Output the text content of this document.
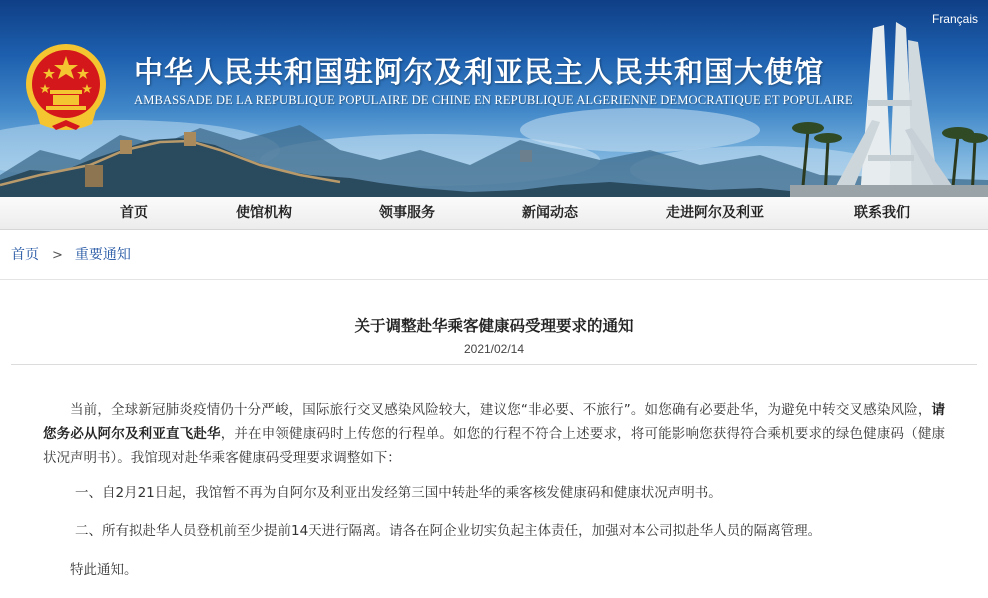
Français
中华人民共和国驻阿尔及利亚民主人民共和国大使馆
AMBASSADE DE LA REPUBLIQUE POPULAIRE DE CHINE EN REPUBLIQUE ALGERIENNE DEMOCRATIQUE ET POPULAIRE
首页	使馆机构	领事服务	新闻动态	走进阿尔及利亚	联系我们
首页 > 重要通知
关于调整赴华乘客健康码受理要求的通知
2021/02/14

当前，全球新冠肺炎疫情仍十分严峻，国际旅行交叉感染风险较大，建议您“非必要、不旅行”。如您确有必要赴华，为避免中转交叉感染风险，请您务必从阿尔及利亚直飞赴华，并在申领健康码时上传您的行程单。如您的行程不符合上述要求，将可能影响您获得符合乘机要求的绿色健康码（健康状况声明书）。我馆现对赴华乘客健康码受理要求调整如下：

一、自2月21日起，我馆暂不再为自阿尔及利亚出发经第三国中转赴华的乘客核发健康码和健康状况声明书。
二、所有拟赴华人员登机前至少提前14天进行隔离。请各在阿企业切实负起主体责任，加强对本公司拟赴华人员的隔离管理。
特此通知。
